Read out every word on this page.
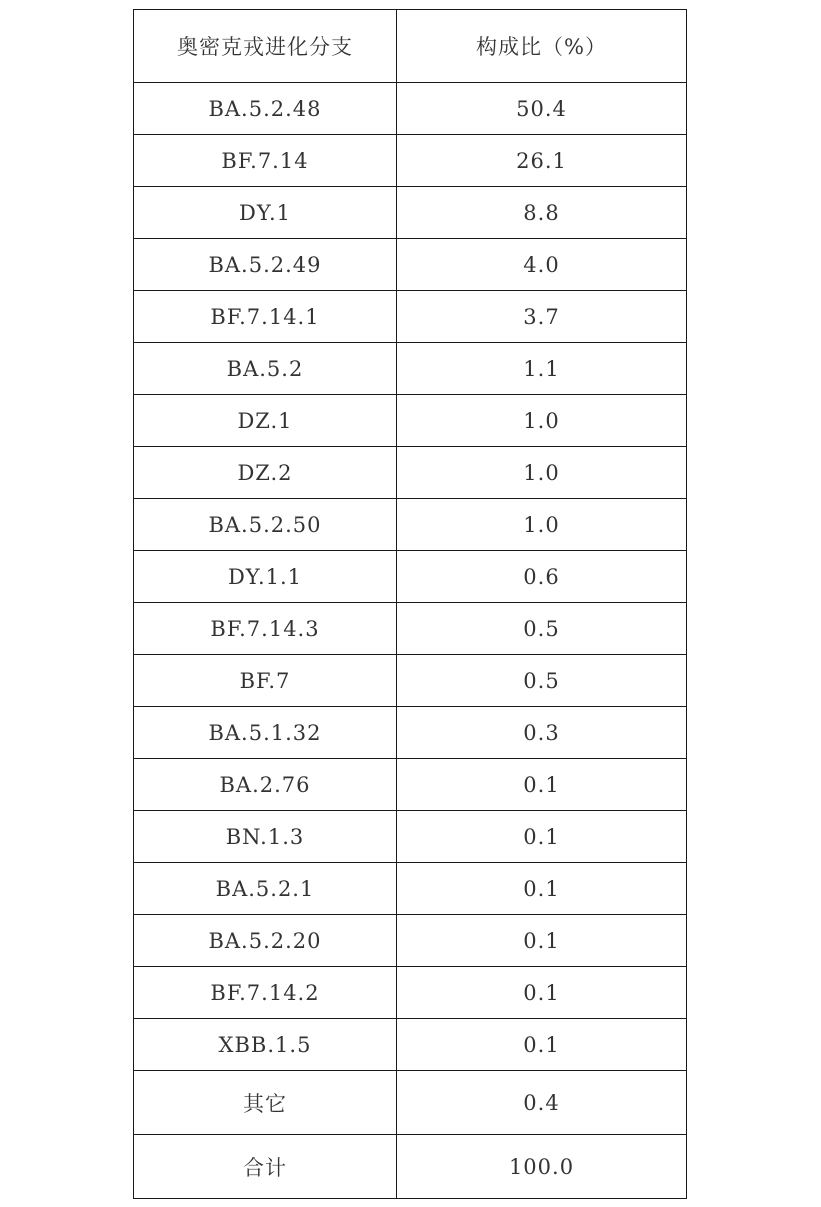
奥密克戎进化分支	构成比（%）
BA.5.2.48	50.4
BF.7.14	26.1
DY.1	8.8
BA.5.2.49	4.0
BF.7.14.1	3.7
BA.5.2	1.1
DZ.1	1.0
DZ.2	1.0
BA.5.2.50	1.0
DY.1.1	0.6
BF.7.14.3	0.5
BF.7	0.5
BA.5.1.32	0.3
BA.2.76	0.1
BN.1.3	0.1
BA.5.2.1	0.1
BA.5.2.20	0.1
BF.7.14.2	0.1
XBB.1.5	0.1
其它	0.4
合计	100.0
